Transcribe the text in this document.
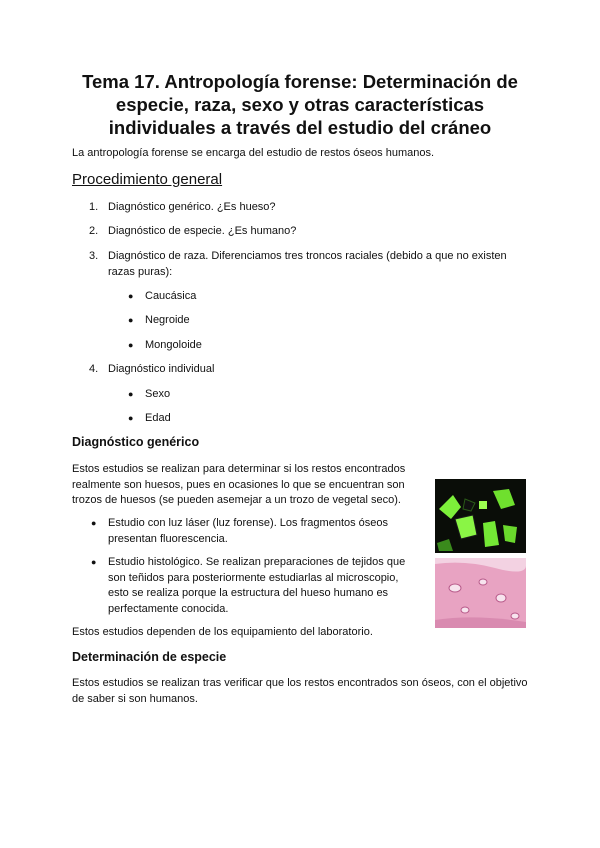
Tema 17. Antropología forense: Determinación de especie, raza, sexo y otras características individuales a través del estudio del cráneo

La antropología forense se encarga del estudio de restos óseos humanos.

Procedimiento general
1. Diagnóstico genérico. ¿Es hueso?

2. Diagnóstico de especie. ¿Es humano?

3. Diagnóstico de raza. Diferenciamos tres troncos raciales (debido a que no existen razas puras):

● Caucásica
● Negroide
● Mongoloide
4. Diagnóstico individual

● Sexo
● Edad
Diagnóstico genérico

Estos estudios se realizan para determinar si los restos encontrados realmente son huesos, pues en ocasiones lo que se encuentran son trozos de huesos (se pueden asemejar a un trozo de vegetal seco).

● Estudio con luz láser (luz forense). Los fragmentos óseos presentan fluorescencia.

● Estudio histológico. Se realizan preparaciones de tejidos que son teñidos para posteriormente estudiarlas al microscopio, esto se realiza porque la estructura del hueso humano es perfectamente conocida.

Estos estudios dependen de los equipamiento del laboratorio.

Determinación de especie

Estos estudios se realizan tras verificar que los restos encontrados son óseos, con el objetivo de saber si son humanos.
